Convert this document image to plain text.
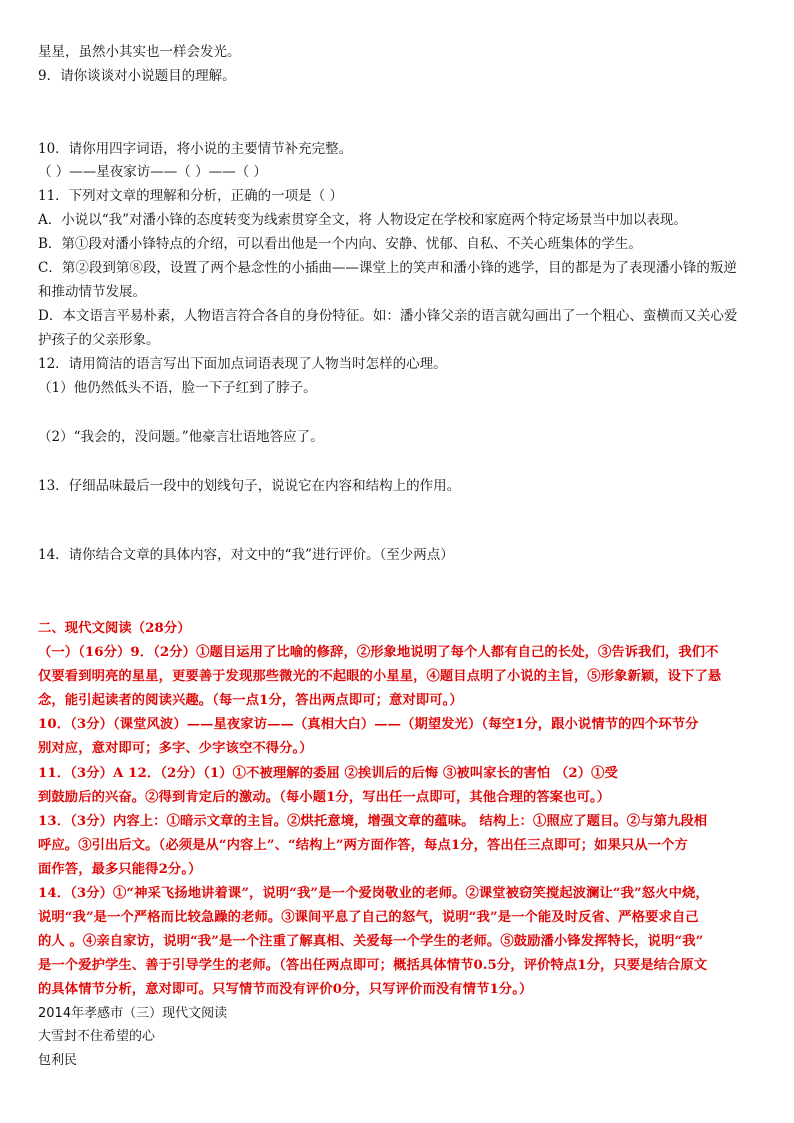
星星，虽然小其实也一样会发光。
9．请你谈谈对小说题目的理解。
10．请你用四字词语，将小说的主要情节补充完整。
（ ）——星夜家访——（ ）——（ ）
11．下列对文章的理解和分析，正确的一项是（ ）
A．小说以“我”对潘小锋的态度转变为线索贯穿全文，将 人物设定在学校和家庭两个特定场景当中加以表现。
B．第①段对潘小锋特点的介绍，可以看出他是一个内向、安静、忧郁、自私、不关心班集体的学生。
C．第②段到第⑧段，设置了两个悬念性的小插曲——课堂上的笑声和潘小锋的逃学，目的都是为了表现潘小锋的叛逆
和推动情节发展。
D．本文语言平易朴素，人物语言符合各自的身份特征。如：潘小锋父亲的语言就勾画出了一个粗心、蛮横而又关心爱
护孩子的父亲形象。
12．请用简洁的语言写出下面加点词语表现了人物当时怎样的心理。
（1）他仍然低头不语，脸一下子红到了脖子。
（2）“我会的，没问题。”他豪言壮语地答应了。
13．仔细品味最后一段中的划线句子，说说它在内容和结构上的作用。
14．请你结合文章的具体内容，对文中的“我”进行评价。（至少两点）
二、现代文阅读（28分）
（一）（16分）9．（2分）①题目运用了比喻的修辞，②形象地说明了每个人都有自己的长处，③告诉我们，我们不
仅要看到明亮的星星，更要善于发现那些微光的不起眼的小星星，④题目点明了小说的主旨，⑤形象新颖，设下了悬
念，能引起读者的阅读兴趣。（每一点1分，答出两点即可；意对即可。）
10．（3分）（课堂风波）——星夜家访——（真相大白）——（期望发光）（每空1分，跟小说情节的四个环节分
别对应，意对即可；多字、少字该空不得分。）
11．（3分）A 12．（2分）（1）①不被理解的委屈 ②挨训后的后悔 ③被叫家长的害怕 （2）①受
到鼓励后的兴奋。②得到肯定后的激动。（每小题1分，写出任一点即可，其他合理的答案也可。）
13．（3分）内容上：①暗示文章的主旨。②烘托意境，增强文章的蕴味。 结构上：①照应了题目。②与第九段相
呼应。③引出后文。（必须是从“内容上”、“结构上”两方面作答，每点1分，答出任三点即可；如果只从一个方
面作答，最多只能得2分。）
14．（3分）①“神采飞扬地讲着课”，说明“我”是一个爱岗敬业的老师。②课堂被窃笑搅起波澜让“我”怒火中烧，
说明“我”是一个严格而比较急躁的老师。③课间平息了自己的怒气，说明“我”是一个能及时反省、严格要求自己
的人 。④亲自家访，说明“我”是一个注重了解真相、关爱每一个学生的老师。⑤鼓励潘小锋发挥特长，说明“我”
是一个爱护学生、善于引导学生的老师。（答出任两点即可；概括具体情节0.5分，评价特点1分，只要是结合原文
的具体情节分析，意对即可。只写情节而没有评价0分，只写评价而没有情节1分。）
2014年孝感市（三）现代文阅读
大雪封不住希望的心
包利民
